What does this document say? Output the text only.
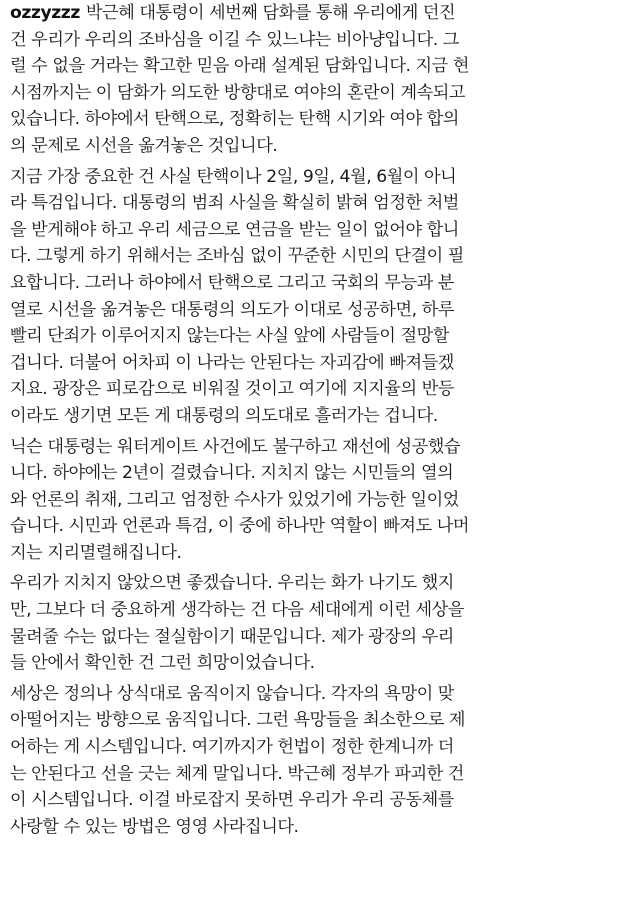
ozzyzzz 박근혜 대통령이 세번째 담화를 통해 우리에게 던진
건 우리가 우리의 조바심을 이길 수 있느냐는 비아냥입니다. 그
럴 수 없을 거라는 확고한 믿음 아래 설계된 담화입니다. 지금 현
시점까지는 이 담화가 의도한 방향대로 여야의 혼란이 계속되고
있습니다. 하야에서 탄핵으로, 정확히는 탄핵 시기와 여야 합의
의 문제로 시선을 옮겨놓은 것입니다.

지금 가장 중요한 건 사실 탄핵이나 2일, 9일, 4월, 6월이 아니
라 특검입니다. 대통령의 범죄 사실을 확실히 밝혀 엄정한 처벌
을 받게해야 하고 우리 세금으로 연금을 받는 일이 없어야 합니
다. 그렇게 하기 위해서는 조바심 없이 꾸준한 시민의 단결이 필
요합니다. 그러나 하야에서 탄핵으로 그리고 국회의 무능과 분
열로 시선을 옮겨놓은 대통령의 의도가 이대로 성공하면, 하루
빨리 단죄가 이루어지지 않는다는 사실 앞에 사람들이 절망할
겁니다. 더불어 어차피 이 나라는 안된다는 자괴감에 빠져들겠
지요. 광장은 피로감으로 비워질 것이고 여기에 지지율의 반등
이라도 생기면 모든 게 대통령의 의도대로 흘러가는 겁니다.

닉슨 대통령는 워터게이트 사건에도 불구하고 재선에 성공했습
니다. 하야에는 2년이 걸렸습니다. 지치지 않는 시민들의 열의
와 언론의 취재, 그리고 엄정한 수사가 있었기에 가능한 일이었
습니다. 시민과 언론과 특검, 이 중에 하나만 역할이 빠져도 나머
지는 지리멸렬해집니다.

우리가 지치지 않았으면 좋겠습니다. 우리는 화가 나기도 했지
만, 그보다 더 중요하게 생각하는 건 다음 세대에게 이런 세상을
물려줄 수는 없다는 절실함이기 때문입니다. 제가 광장의 우리
들 안에서 확인한 건 그런 희망이었습니다.

세상은 정의나 상식대로 움직이지 않습니다. 각자의 욕망이 맞
아떨어지는 방향으로 움직입니다. 그런 욕망들을 최소한으로 제
어하는 게 시스템입니다. 여기까지가 헌법이 정한 한계니까 더
는 안된다고 선을 긋는 체계 말입니다. 박근혜 정부가 파괴한 건
이 시스템입니다. 이걸 바로잡지 못하면 우리가 우리 공동체를
사랑할 수 있는 방법은 영영 사라집니다.
